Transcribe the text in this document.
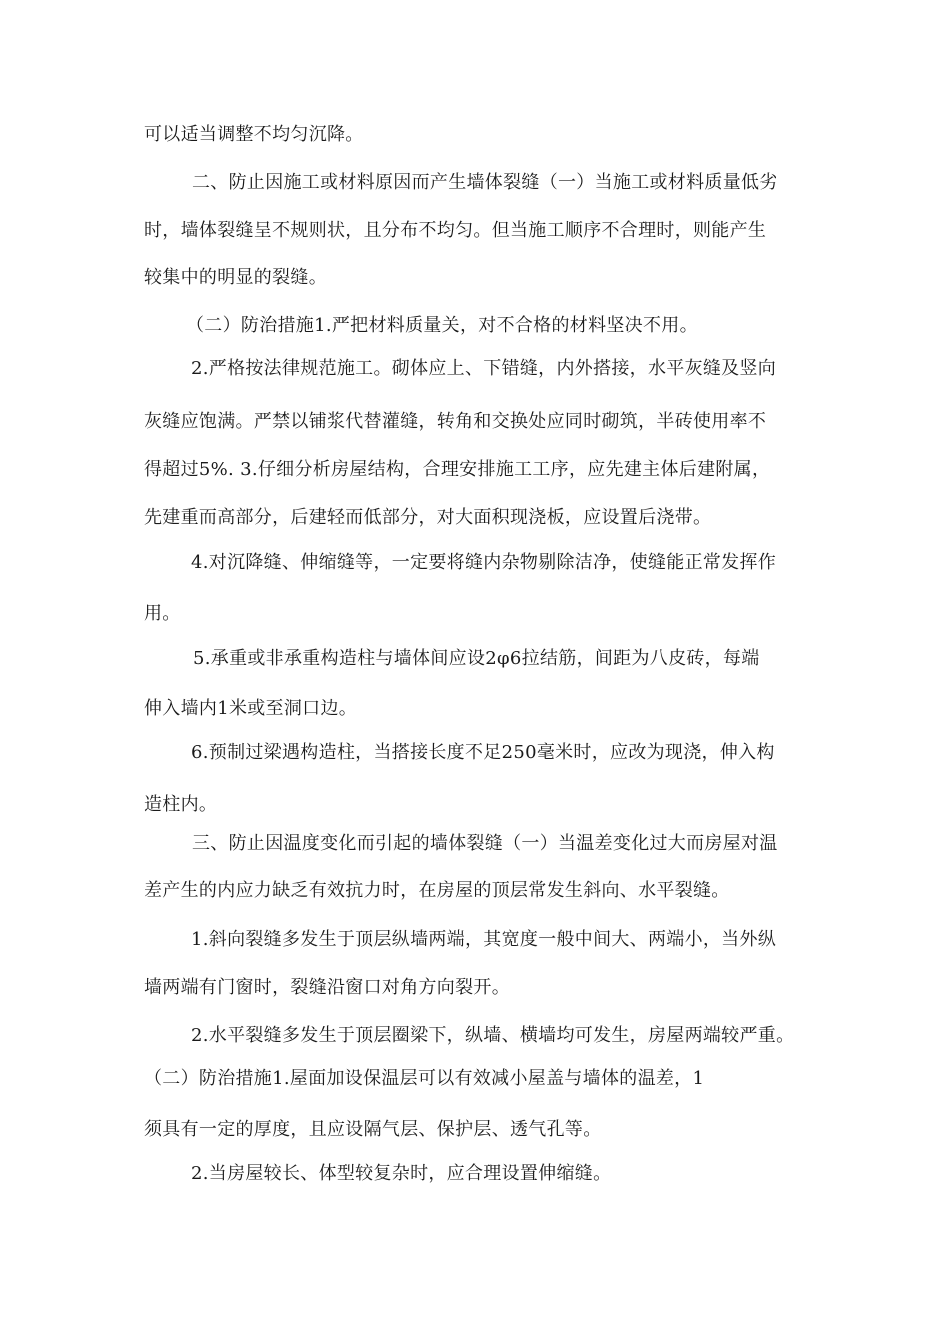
可以适当调整不均匀沉降。
二、防止因施工或材料原因而产生墙体裂缝（一）当施工或材料质量低劣
时，墙体裂缝呈不规则状，且分布不均匀。但当施工顺序不合理时，则能产生
较集中的明显的裂缝。
（二）防治措施1.严把材料质量关，对不合格的材料坚决不用。
2.严格按法律规范施工。砌体应上、下错缝，内外搭接，水平灰缝及竖向
灰缝应饱满。严禁以铺浆代替灌缝，转角和交换处应同时砌筑，半砖使用率不
得超过5%. 3.仔细分析房屋结构，合理安排施工工序，应先建主体后建附属，
先建重而高部分，后建轻而低部分，对大面积现浇板，应设置后浇带。
4.对沉降缝、伸缩缝等，一定要将缝内杂物剔除洁净，使缝能正常发挥作
用。
5.承重或非承重构造柱与墙体间应设2φ6拉结筋，间距为八皮砖，每端
伸入墙内1米或至洞口边。
6.预制过梁遇构造柱，当搭接长度不足250毫米时，应改为现浇，伸入构
造柱内。
三、防止因温度变化而引起的墙体裂缝（一）当温差变化过大而房屋对温
差产生的内应力缺乏有效抗力时，在房屋的顶层常发生斜向、水平裂缝。
1.斜向裂缝多发生于顶层纵墙两端，其宽度一般中间大、两端小，当外纵
墙两端有门窗时，裂缝沿窗口对角方向裂开。
2.水平裂缝多发生于顶层圈梁下，纵墙、横墙均可发生，房屋两端较严重。
（二）防治措施1.屋面加设保温层可以有效减小屋盖与墙体的温差，1
须具有一定的厚度，且应设隔气层、保护层、透气孔等。
2.当房屋较长、体型较复杂时，应合理设置伸缩缝。
